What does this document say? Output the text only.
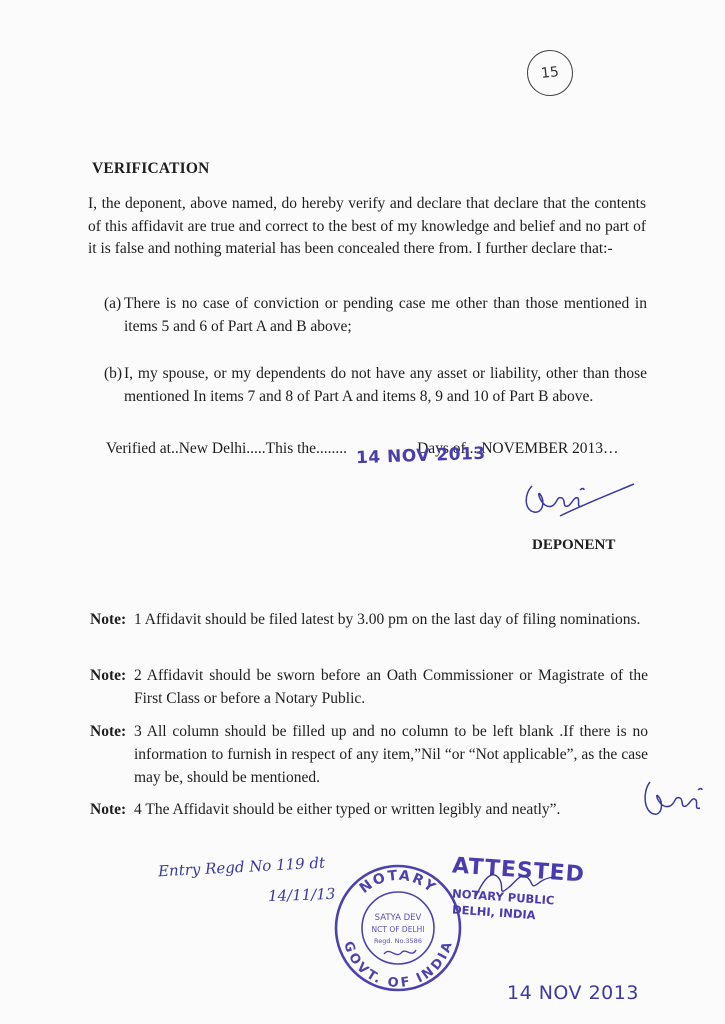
15
VERIFICATION
I, the deponent, above named, do hereby verify and declare that declare that the contents of this affidavit are true and correct to the best of my knowledge and belief and no part of it is false and nothing material has been concealed there from. I further declare that:-
(a) There is no case of conviction or pending case me other than those mentioned in items 5 and 6 of Part A and B above;
(b) I, my spouse, or my dependents do not have any asset or liability, other than those mentioned In items 7 and 8 of Part A and items 8, 9 and 10 of Part B above.
Verified at..New Delhi.....This the........	Days of....NOVEMBER 2013…
14 NOV 2013
DEPONENT
Note: 1 Affidavit should be filed latest by 3.00 pm on the last day of filing nominations.
Note: 2 Affidavit should be sworn before an Oath Commissioner or Magistrate of the First Class or before a Notary Public.
Note: 3 All column should be filled up and no column to be left blank .If there is no information to furnish in respect of any item,”Nil “or “Not applicable”, as the case may be, should be mentioned.
Note: 4 The Affidavit should be either typed or written legibly and neatly”.
Entry Regd No 119 dt
14/11/13 NOTARY
GOVT. OF INDIA
SATYA DEV
NCT OF DELHI
Regd. No.3586
ATTESTED
NOTARY PUBLIC
DELHI, INDIA
14 NOV 2013
